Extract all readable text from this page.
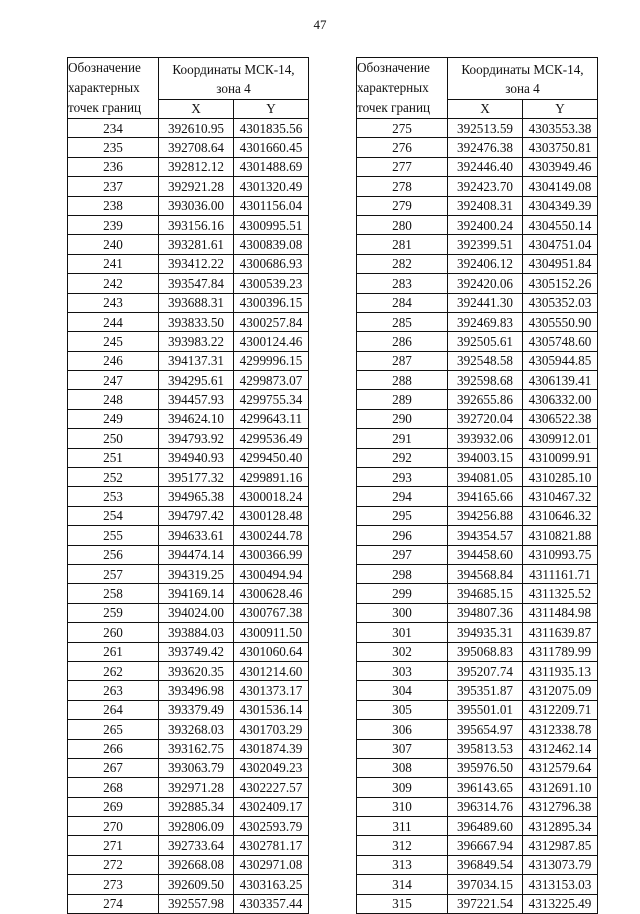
47
Обозначение характерных точек границ	Координаты МСК-14, зона 4	
	X	Y
234	392610.95	4301835.56
235	392708.64	4301660.45
236	392812.12	4301488.69
237	392921.28	4301320.49
238	393036.00	4301156.04
239	393156.16	4300995.51
240	393281.61	4300839.08
241	393412.22	4300686.93
242	393547.84	4300539.23
243	393688.31	4300396.15
244	393833.50	4300257.84
245	393983.22	4300124.46
246	394137.31	4299996.15
247	394295.61	4299873.07
248	394457.93	4299755.34
249	394624.10	4299643.11
250	394793.92	4299536.49
251	394940.93	4299450.40
252	395177.32	4299891.16
253	394965.38	4300018.24
254	394797.42	4300128.48
255	394633.61	4300244.78
256	394474.14	4300366.99
257	394319.25	4300494.94
258	394169.14	4300628.46
259	394024.00	4300767.38
260	393884.03	4300911.50
261	393749.42	4301060.64
262	393620.35	4301214.60
263	393496.98	4301373.17
264	393379.49	4301536.14
265	393268.03	4301703.29
266	393162.75	4301874.39
267	393063.79	4302049.23
268	392971.28	4302227.57
269	392885.34	4302409.17
270	392806.09	4302593.79
271	392733.64	4302781.17
272	392668.08	4302971.08
273	392609.50	4303163.25
274	392557.98	4303357.44
Обозначение характерных точек границ	Координаты МСК-14, зона 4	
	X	Y
275	392513.59	4303553.38
276	392476.38	4303750.81
277	392446.40	4303949.46
278	392423.70	4304149.08
279	392408.31	4304349.39
280	392400.24	4304550.14
281	392399.51	4304751.04
282	392406.12	4304951.84
283	392420.06	4305152.26
284	392441.30	4305352.03
285	392469.83	4305550.90
286	392505.61	4305748.60
287	392548.58	4305944.85
288	392598.68	4306139.41
289	392655.86	4306332.00
290	392720.04	4306522.38
291	393932.06	4309912.01
292	394003.15	4310099.91
293	394081.05	4310285.10
294	394165.66	4310467.32
295	394256.88	4310646.32
296	394354.57	4310821.88
297	394458.60	4310993.75
298	394568.84	4311161.71
299	394685.15	4311325.52
300	394807.36	4311484.98
301	394935.31	4311639.87
302	395068.83	4311789.99
303	395207.74	4311935.13
304	395351.87	4312075.09
305	395501.01	4312209.71
306	395654.97	4312338.78
307	395813.53	4312462.14
308	395976.50	4312579.64
309	396143.65	4312691.10
310	396314.76	4312796.38
311	396489.60	4312895.34
312	396667.94	4312987.85
313	396849.54	4313073.79
314	397034.15	4313153.03
315	397221.54	4313225.49
